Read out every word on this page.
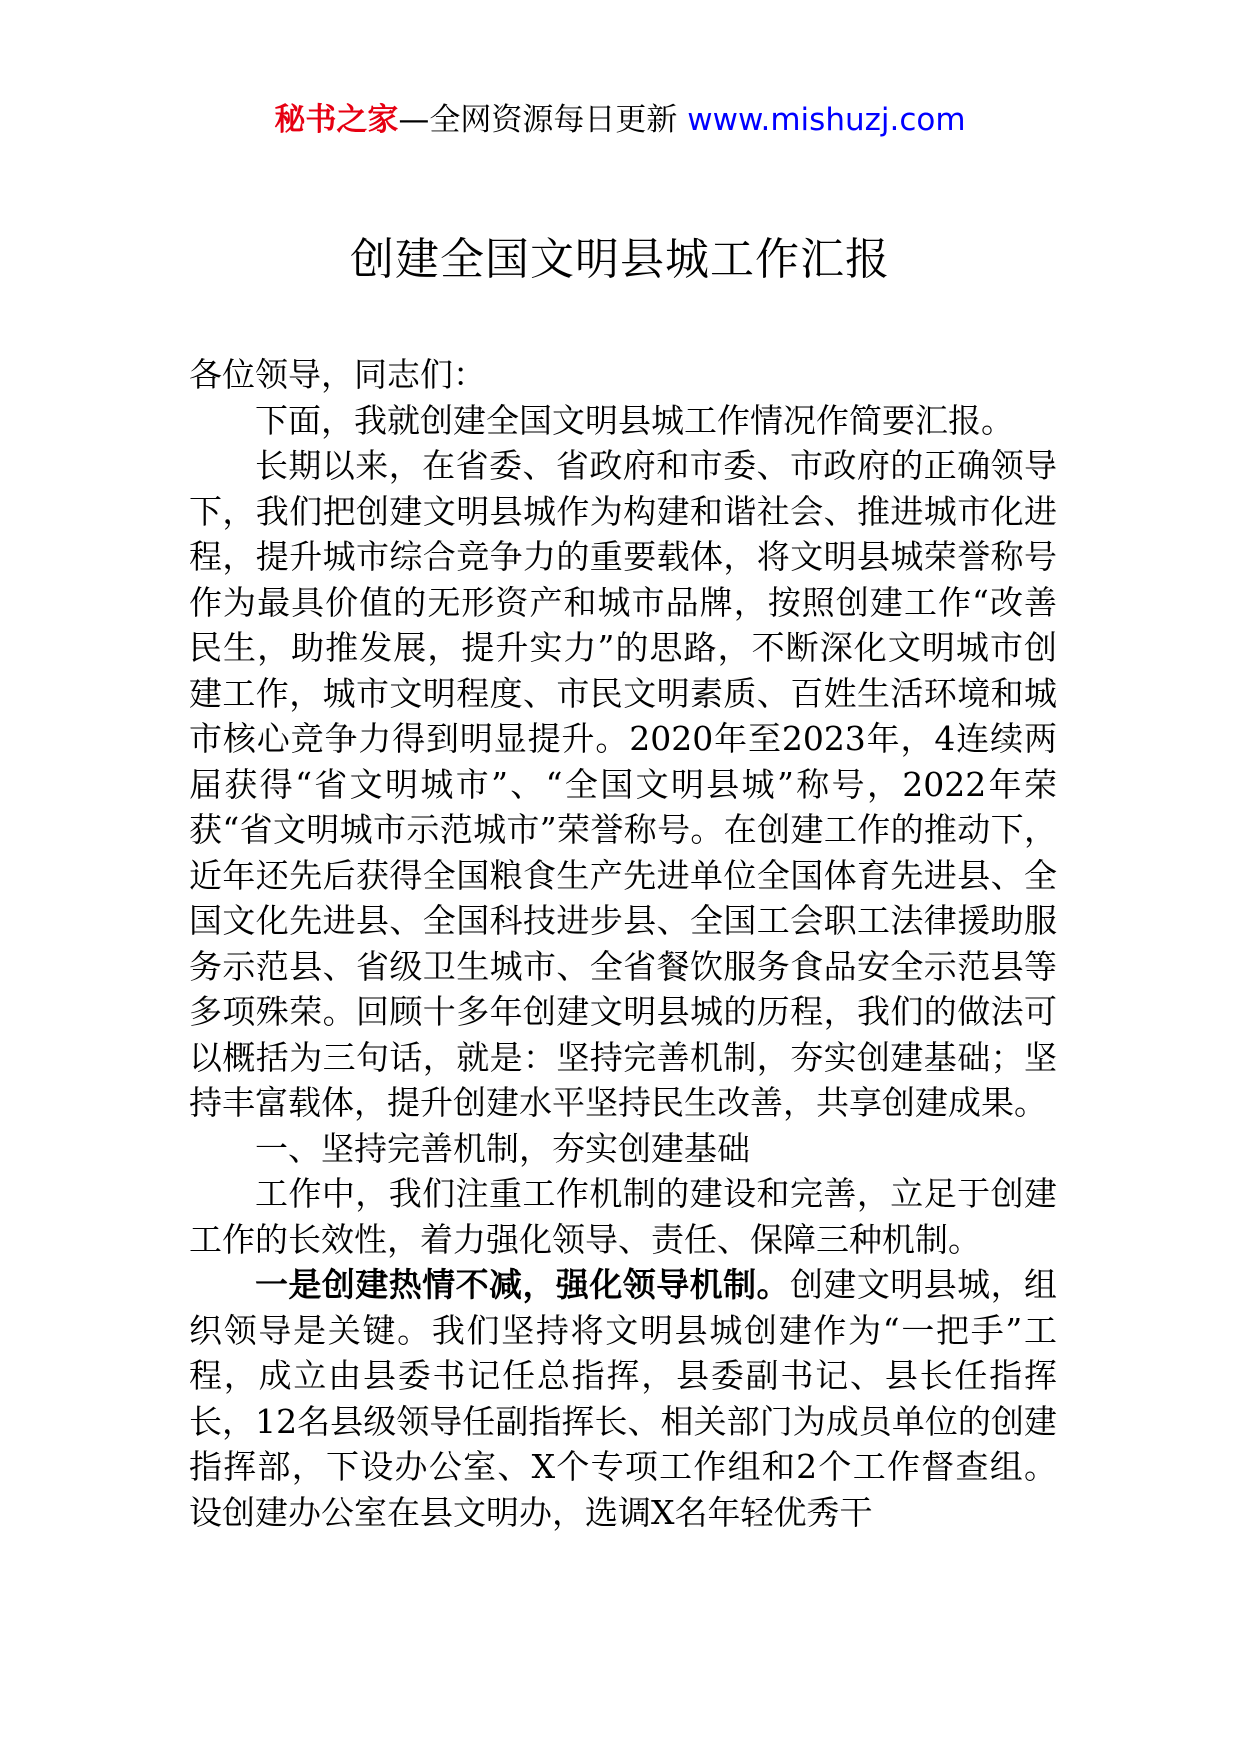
秘书之家—全网资源每日更新 www.mishuzj.com
创建全国文明县城工作汇报

各位领导，同志们：

下面，我就创建全国文明县城工作情况作简要汇报。

长期以来，在省委、省政府和市委、市政府的正确领导下，我们把创建文明县城作为构建和谐社会、推进城市化进程，提升城市综合竞争力的重要载体，将文明县城荣誉称号作为最具价值的无形资产和城市品牌，按照创建工作“改善民生，助推发展，提升实力”的思路，不断深化文明城市创建工作，城市文明程度、市民文明素质、百姓生活环境和城市核心竞争力得到明显提升。2020年至2023年，4连续两届获得“省文明城市”、“全国文明县城”称号，2022年荣获“省文明城市示范城市”荣誉称号。在创建工作的推动下，近年还先后获得全国粮食生产先进单位全国体育先进县、全国文化先进县、全国科技进步县、全国工会职工法律援助服务示范县、省级卫生城市、全省餐饮服务食品安全示范县等多项殊荣。回顾十多年创建文明县城的历程，我们的做法可以概括为三句话，就是：坚持完善机制，夯实创建基础；坚持丰富载体，提升创建水平坚持民生改善，共享创建成果。

一、坚持完善机制，夯实创建基础

工作中，我们注重工作机制的建设和完善，立足于创建工作的长效性，着力强化领导、责任、保障三种机制。

一是创建热情不减，强化领导机制。创建文明县城，组织领导是关键。我们坚持将文明县城创建作为“一把手”工程，成立由县委书记任总指挥，县委副书记、县长任指挥长，12名县级领导任副指挥长、相关部门为成员单位的创建指挥部，下设办公室、X个专项工作组和2个工作督查组。设创建办公室在县文明办，选调X名年轻优秀干
